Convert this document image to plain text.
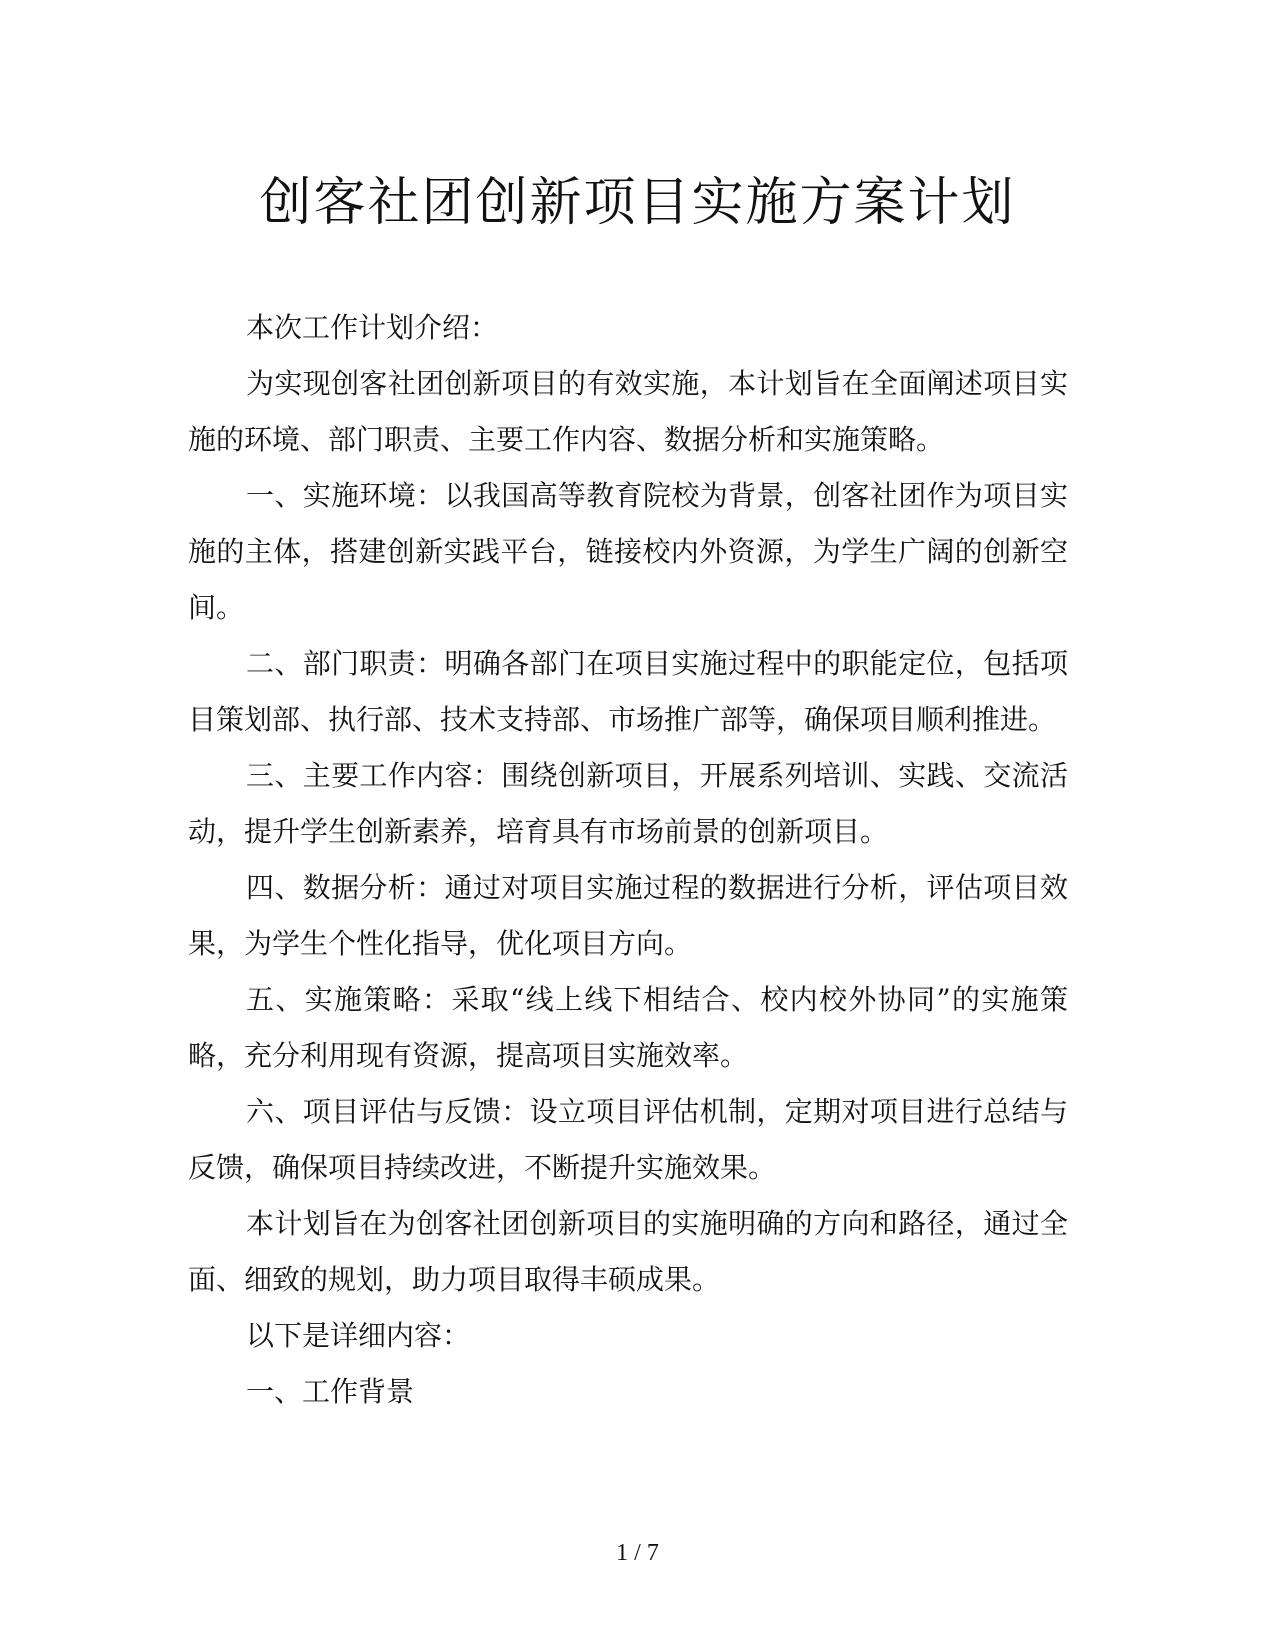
创客社团创新项目实施方案计划

本次工作计划介绍：

为实现创客社团创新项目的有效实施，本计划旨在全面阐述项目实施的环境、部门职责、主要工作内容、数据分析和实施策略。

一、实施环境：以我国高等教育院校为背景，创客社团作为项目实施的主体，搭建创新实践平台，链接校内外资源，为学生广阔的创新空间。

二、部门职责：明确各部门在项目实施过程中的职能定位，包括项目策划部、执行部、技术支持部、市场推广部等，确保项目顺利推进。

三、主要工作内容：围绕创新项目，开展系列培训、实践、交流活动，提升学生创新素养，培育具有市场前景的创新项目。

四、数据分析：通过对项目实施过程的数据进行分析，评估项目效果，为学生个性化指导，优化项目方向。

五、实施策略：采取“线上线下相结合、校内校外协同”的实施策略，充分利用现有资源，提高项目实施效率。

六、项目评估与反馈：设立项目评估机制，定期对项目进行总结与反馈，确保项目持续改进，不断提升实施效果。

本计划旨在为创客社团创新项目的实施明确的方向和路径，通过全面、细致的规划，助力项目取得丰硕成果。

以下是详细内容：

一、工作背景

1 / 7
